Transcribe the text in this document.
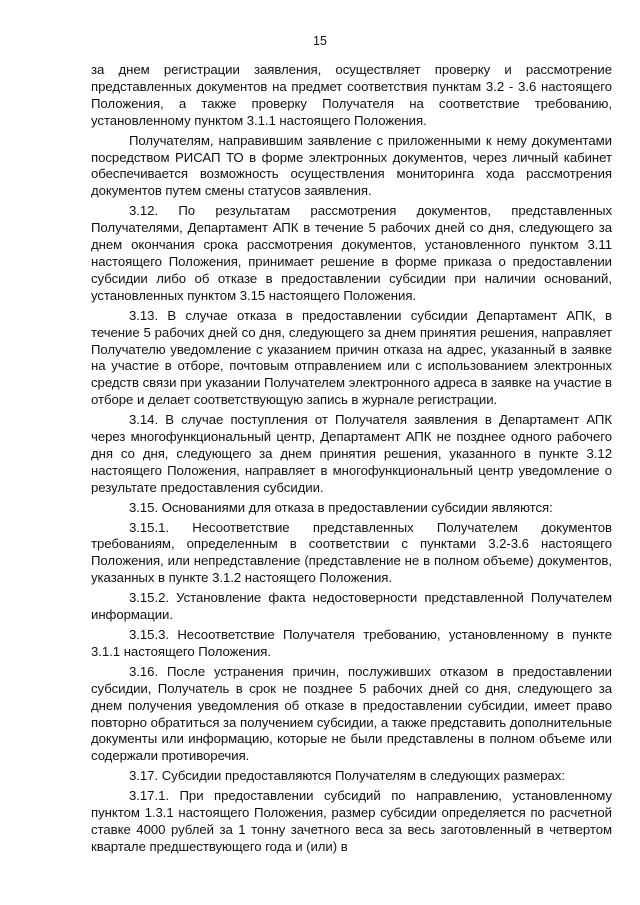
15

за днем регистрации заявления, осуществляет проверку и рассмотрение представленных документов на предмет соответствия пунктам 3.2 - 3.6 настоящего Положения, а также проверку Получателя на соответствие требованию, установленному пунктом 3.1.1 настоящего Положения.

Получателям, направившим заявление с приложенными к нему документами посредством РИСАП ТО в форме электронных документов, через личный кабинет обеспечивается возможность осуществления мониторинга хода рассмотрения документов путем смены статусов заявления.

3.12. По результатам рассмотрения документов, представленных Получателями, Департамент АПК в течение 5 рабочих дней со дня, следующего за днем окончания срока рассмотрения документов, установленного пунктом 3.11 настоящего Положения, принимает решение в форме приказа о предоставлении субсидии либо об отказе в предоставлении субсидии при наличии оснований, установленных пунктом 3.15 настоящего Положения.

3.13. В случае отказа в предоставлении субсидии Департамент АПК, в течение 5 рабочих дней со дня, следующего за днем принятия решения, направляет Получателю уведомление с указанием причин отказа на адрес, указанный в заявке на участие в отборе, почтовым отправлением или с использованием электронных средств связи при указании Получателем электронного адреса в заявке на участие в отборе и делает соответствующую запись в журнале регистрации.

3.14. В случае поступления от Получателя заявления в Департамент АПК через многофункциональный центр, Департамент АПК не позднее одного рабочего дня со дня, следующего за днем принятия решения, указанного в пункте 3.12 настоящего Положения, направляет в многофункциональный центр уведомление о результате предоставления субсидии.

3.15. Основаниями для отказа в предоставлении субсидии являются:

3.15.1. Несоответствие представленных Получателем документов требованиям, определенным в соответствии с пунктами 3.2-3.6 настоящего Положения, или непредставление (представление не в полном объеме) документов, указанных в пункте 3.1.2 настоящего Положения.

3.15.2. Установление факта недостоверности представленной Получателем информации.

3.15.3. Несоответствие Получателя требованию, установленному в пункте 3.1.1 настоящего Положения.

3.16. После устранения причин, послуживших отказом в предоставлении субсидии, Получатель в срок не позднее 5 рабочих дней со дня, следующего за днем получения уведомления об отказе в предоставлении субсидии, имеет право повторно обратиться за получением субсидии, а также представить дополнительные документы или информацию, которые не были представлены в полном объеме или содержали противоречия.

3.17. Субсидии предоставляются Получателям в следующих размерах:

3.17.1. При предоставлении субсидий по направлению, установленному пунктом 1.3.1 настоящего Положения, размер субсидии определяется по расчетной ставке 4000 рублей за 1 тонну зачетного веса за весь заготовленный в четвертом квартале предшествующего года и (или) в
